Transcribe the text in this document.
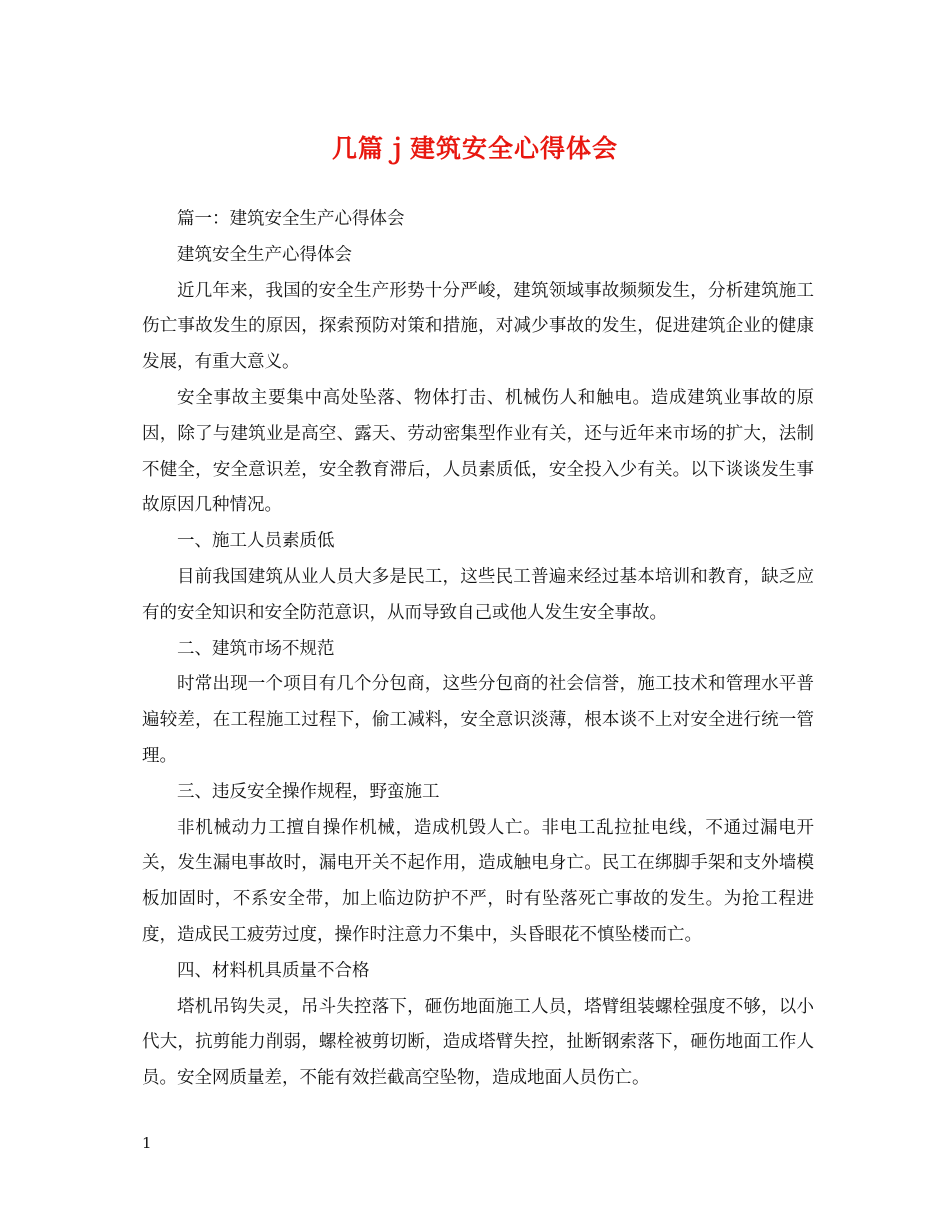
几篇ｊ建筑安全心得体会

篇一：建筑安全生产心得体会

建筑安全生产心得体会

近几年来，我国的安全生产形势十分严峻，建筑领域事故频频发生，分析建筑施工伤亡事故发生的原因，探索预防对策和措施，对减少事故的发生，促进建筑企业的健康发展，有重大意义。

安全事故主要集中高处坠落、物体打击、机械伤人和触电。造成建筑业事故的原因，除了与建筑业是高空、露天、劳动密集型作业有关，还与近年来市场的扩大，法制不健全，安全意识差，安全教育滞后，人员素质低，安全投入少有关。以下谈谈发生事故原因几种情况。

一、施工人员素质低

目前我国建筑从业人员大多是民工，这些民工普遍来经过基本培训和教育，缺乏应有的安全知识和安全防范意识，从而导致自己或他人发生安全事故。

二、建筑市场不规范

时常出现一个项目有几个分包商，这些分包商的社会信誉，施工技术和管理水平普遍较差，在工程施工过程下，偷工减料，安全意识淡薄，根本谈不上对安全进行统一管理。

三、违反安全操作规程，野蛮施工

非机械动力工擅自操作机械，造成机毁人亡。非电工乱拉扯电线，不通过漏电开关，发生漏电事故时，漏电开关不起作用，造成触电身亡。民工在绑脚手架和支外墙模板加固时，不系安全带，加上临边防护不严，时有坠落死亡事故的发生。为抢工程进度，造成民工疲劳过度，操作时注意力不集中，头昏眼花不慎坠楼而亡。

四、材料机具质量不合格

塔机吊钩失灵，吊斗失控落下，砸伤地面施工人员，塔臂组装螺栓强度不够，以小代大，抗剪能力削弱，螺栓被剪切断，造成塔臂失控，扯断钢索落下，砸伤地面工作人员。安全网质量差，不能有效拦截高空坠物，造成地面人员伤亡。

1
